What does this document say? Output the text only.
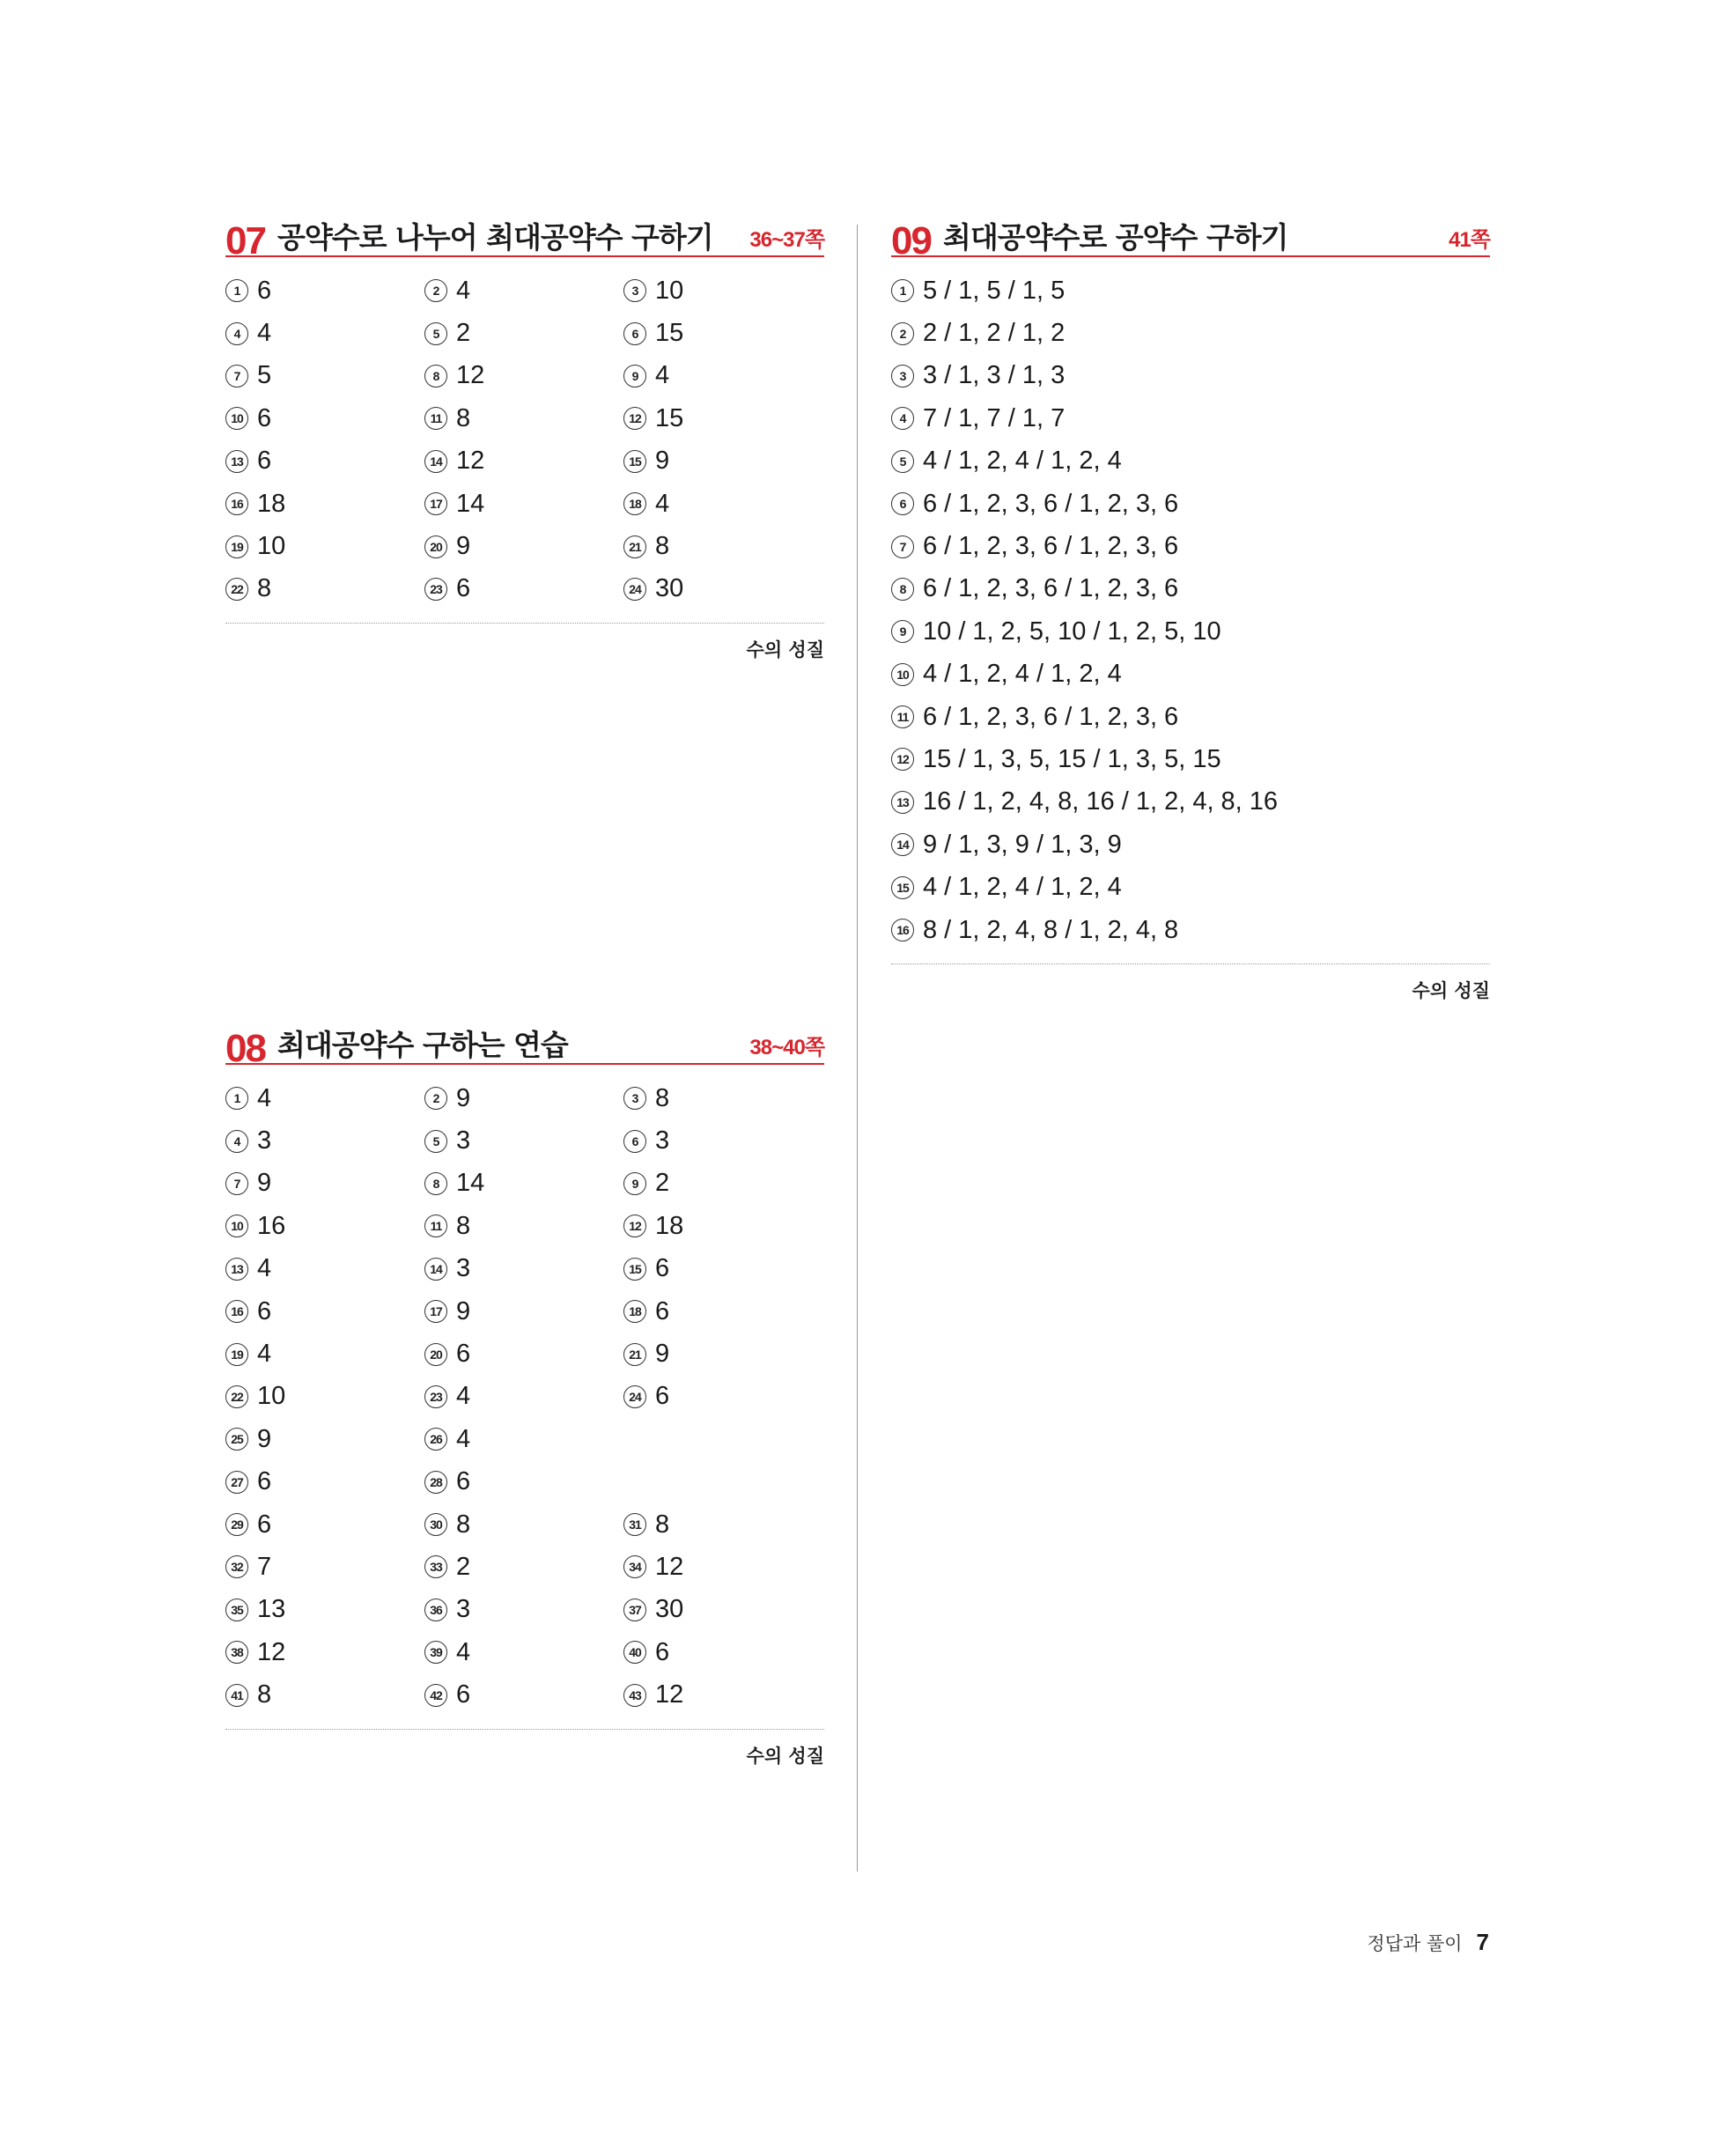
07 공약수로 나누어 최대공약수 구하기 36~37쪽
1 6	2 4	3 10
4 4	5 2	6 15
7 5	8 12	9 4
10 6	11 8	12 15
13 6	14 12	15 9
16 18	17 14	18 4
19 10	20 9	21 8
22 8	23 6	24 30
수의 성질
08 최대공약수 구하는 연습	38~40쪽
1 4	2 9	3 8
4 3	5 3	6 3
7 9	8 14	9 2
10 16	11 8	12 18
13 4	14 3	15 6
16 6	17 9	18 6
19 4	20 6	21 9
22 10	23 4	24 6
25 9	26 4
27 6	28 6
29 6	30 8	31 8
32 7	33 2	34 12
35 13	36 3	37 30
38 12	39 4	40 6
41 8	42 6	43 12
수의 성질
09 최대공약수로 공약수 구하기	41쪽
1 5 / 1, 5 / 1, 5
2 2 / 1, 2 / 1, 2
3 3 / 1, 3 / 1, 3
4 7 / 1, 7 / 1, 7
5 4 / 1, 2, 4 / 1, 2, 4
6 6 / 1, 2, 3, 6 / 1, 2, 3, 6
7 6 / 1, 2, 3, 6 / 1, 2, 3, 6
8 6 / 1, 2, 3, 6 / 1, 2, 3, 6
9 10 / 1, 2, 5, 10 / 1, 2, 5, 10
10 4 / 1, 2, 4 / 1, 2, 4
11 6 / 1, 2, 3, 6 / 1, 2, 3, 6
12 15 / 1, 3, 5, 15 / 1, 3, 5, 15
13 16 / 1, 2, 4, 8, 16 / 1, 2, 4, 8, 16
14 9 / 1, 3, 9 / 1, 3, 9
15 4 / 1, 2, 4 / 1, 2, 4
16 8 / 1, 2, 4, 8 / 1, 2, 4, 8
수의 성질
정답과 풀이 7
